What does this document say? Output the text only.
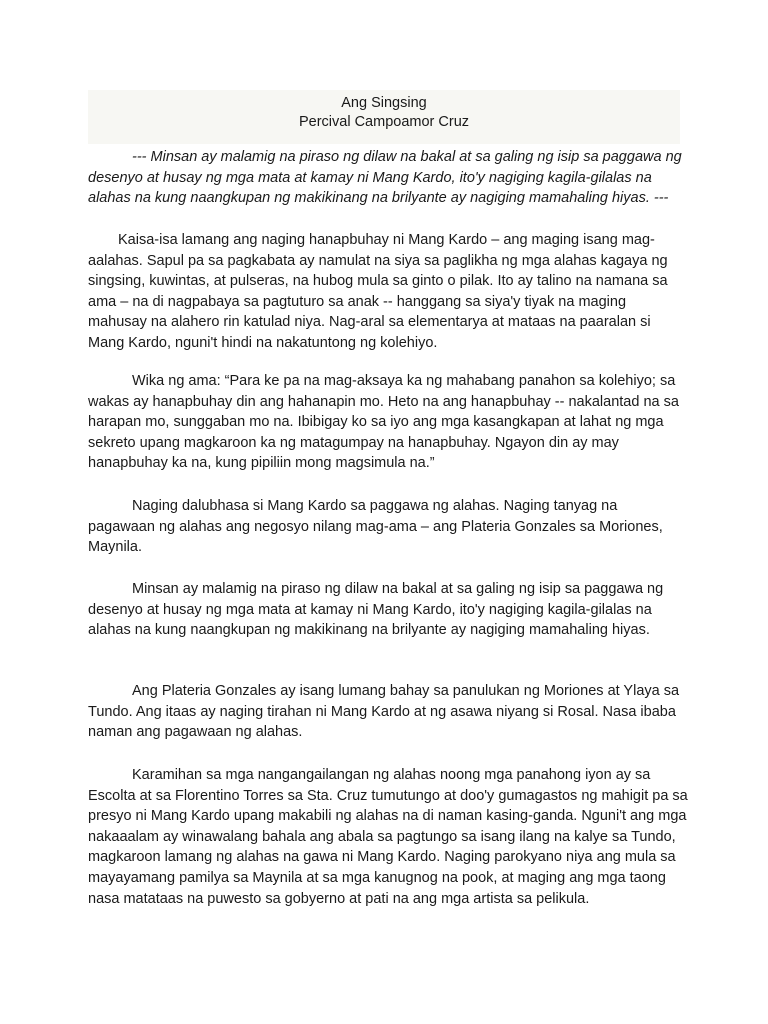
Ang Singsing
Percival Campoamor Cruz

--- Minsan ay malamig na piraso ng dilaw na bakal at sa galing ng isip sa paggawa ng desenyo at husay ng mga mata at kamay ni Mang Kardo, ito'y nagiging kagila-gilalas na alahas na kung naangkupan ng makikinang na brilyante ay nagiging mamahaling hiyas. ---

Kaisa-isa lamang ang naging hanapbuhay ni Mang Kardo – ang maging isang mag-aalahas. Sapul pa sa pagkabata ay namulat na siya sa paglikha ng mga alahas kagaya ng singsing, kuwintas, at pulseras, na hubog mula sa ginto o pilak. Ito ay talino na namana sa ama – na di nagpabaya sa pagtuturo sa anak -- hanggang sa siya'y tiyak na maging mahusay na alahero rin katulad niya. Nag-aral sa elementarya at mataas na paaralan si Mang Kardo, nguni't hindi na nakatuntong ng kolehiyo.

Wika ng ama: “Para ke pa na mag-aksaya ka ng mahabang panahon sa kolehiyo; sa wakas ay hanapbuhay din ang hahanapin mo. Heto na ang hanapbuhay -- nakalantad na sa harapan mo, sunggaban mo na. Ibibigay ko sa iyo ang mga kasangkapan at lahat ng mga sekreto upang magkaroon ka ng matagumpay na hanapbuhay. Ngayon din ay may hanapbuhay ka na, kung pipiliin mong magsimula na.”

Naging dalubhasa si Mang Kardo sa paggawa ng alahas. Naging tanyag na pagawaan ng alahas ang negosyo nilang mag-ama – ang Plateria Gonzales sa Moriones, Maynila.

Minsan ay malamig na piraso ng dilaw na bakal at sa galing ng isip sa paggawa ng desenyo at husay ng mga mata at kamay ni Mang Kardo, ito'y nagiging kagila-gilalas na alahas na kung naangkupan ng makikinang na brilyante ay nagiging mamahaling hiyas.

Ang Plateria Gonzales ay isang lumang bahay sa panulukan ng Moriones at Ylaya sa Tundo. Ang itaas ay naging tirahan ni Mang Kardo at ng asawa niyang si Rosal. Nasa ibaba naman ang pagawaan ng alahas.

Karamihan sa mga nangangailangan ng alahas noong mga panahong iyon ay sa Escolta at sa Florentino Torres sa Sta. Cruz tumutungo at doo'y gumagastos ng mahigit pa sa presyo ni Mang Kardo upang makabili ng alahas na di naman kasing-ganda. Nguni't ang mga nakaaalam ay winawalang bahala ang abala sa pagtungo sa isang ilang na kalye sa Tundo, magkaroon lamang ng alahas na gawa ni Mang Kardo. Naging parokyano niya ang mula sa mayayamang pamilya sa Maynila at sa mga kanugnog na pook, at maging ang mga taong nasa matataas na puwesto sa gobyerno at pati na ang mga artista sa pelikula.
